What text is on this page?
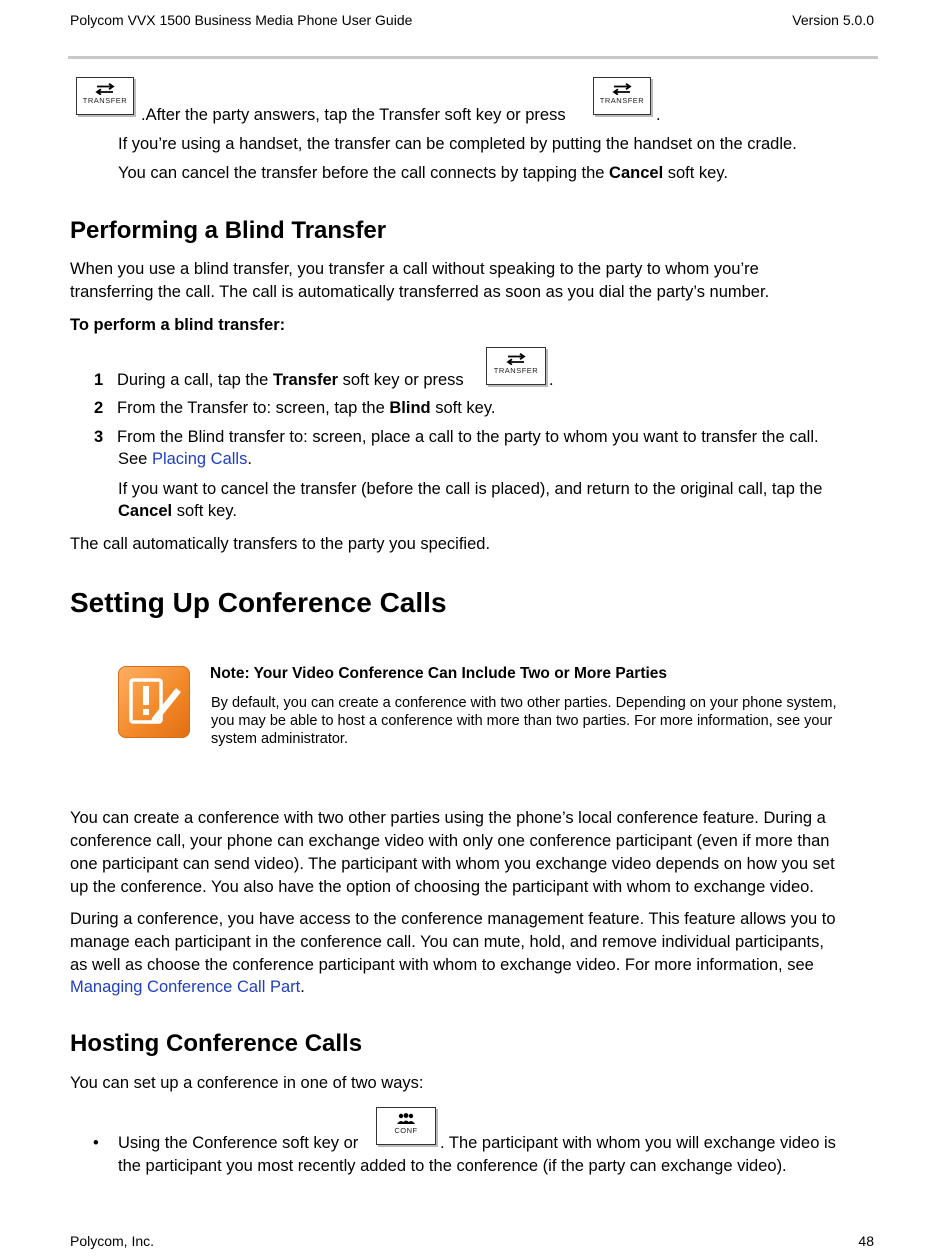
Polycom VVX 1500 Business Media Phone User Guide	Version 5.0.0
TRANSFER
.After the party answers, tap the Transfer soft key or press
TRANSFER
.
If you’re using a handset, the transfer can be completed by putting the handset on the cradle.
You can cancel the transfer before the call connects by tapping the Cancel soft key.
Performing a Blind Transfer
When you use a blind transfer, you transfer a call without speaking to the party to whom you’re
transferring the call. The call is automatically transferred as soon as you dial the party’s number.
To perform a blind transfer:
1 During a call, tap the Transfer soft key or press
TRANSFER
.
2 From the Transfer to: screen, tap the Blind soft key.
3 From the Blind transfer to: screen, place a call to the party to whom you want to transfer the call.
See Placing Calls.
If you want to cancel the transfer (before the call is placed), and return to the original call, tap the
Cancel soft key.
The call automatically transfers to the party you specified.
Setting Up Conference Calls
Note: Your Video Conference Can Include Two or More Parties
By default, you can create a conference with two other parties. Depending on your phone system,
you may be able to host a conference with more than two parties. For more information, see your
system administrator.
You can create a conference with two other parties using the phone’s local conference feature. During a
conference call, your phone can exchange video with only one conference participant (even if more than
one participant can send video). The participant with whom you exchange video depends on how you set
up the conference. You also have the option of choosing the participant with whom to exchange video.
During a conference, you have access to the conference management feature. This feature allows you to
manage each participant in the conference call. You can mute, hold, and remove individual participants,
as well as choose the conference participant with whom to exchange video. For more information, see
Managing Conference Call Part.
Hosting Conference Calls
You can set up a conference in one of two ways:
• Using the Conference soft key or
CONF
. The participant with whom you will exchange video is
the participant you most recently added to the conference (if the party can exchange video).
Polycom, Inc.	48
